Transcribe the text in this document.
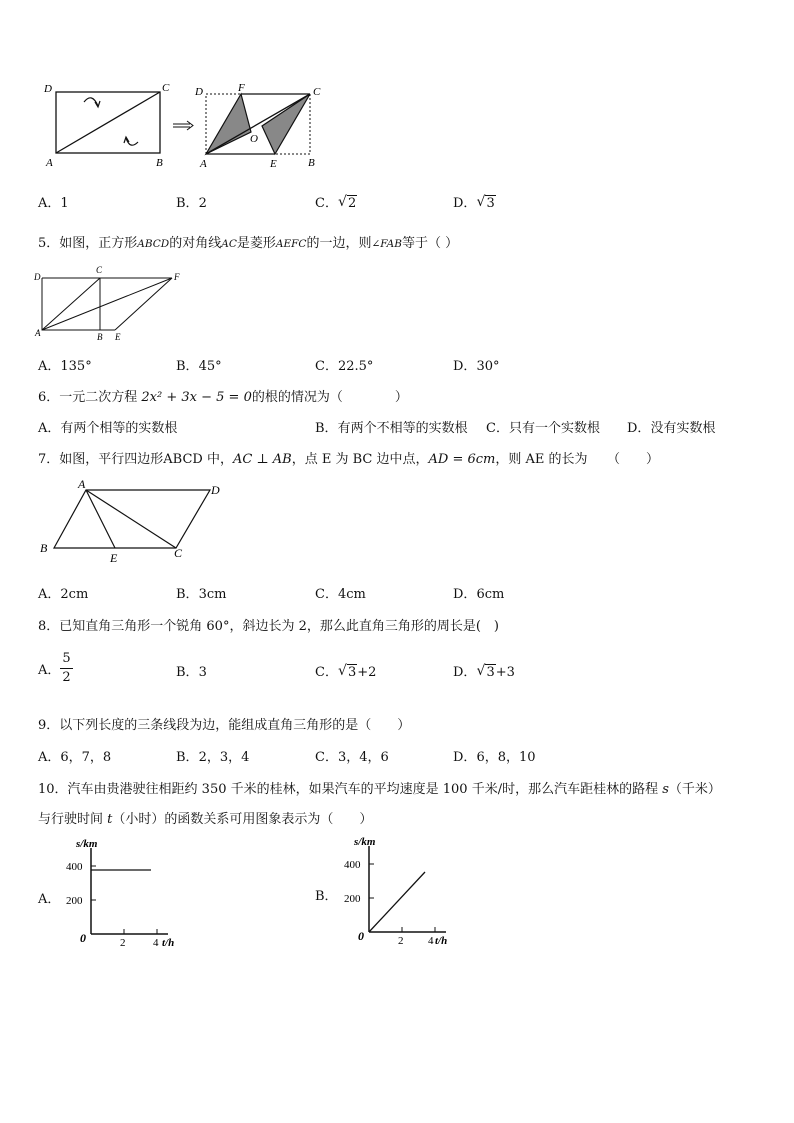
D	C
A	B
D	F	C
O
A	E	B
A．1	B．2	C． √ 2	D． √ 3
5．如图，正方形ABCD的对角线AC是菱形AEFC的一边，则∠FAB等于（ ）
D
C
F
A	B E
A．135°	B．45°	C．22.5°	D．30°
6．一元二次方程 2x² + 3x − 5 = 0的根的情况为（　　　　）
A．有两个相等的实数根	B．有两个不相等的实数根 C．只有一个实数根 D．没有实数根
7．如图，平行四边形ABCD 中，AC ⊥ AB，点 E 为 BC 边中点，AD = 6cm，则 AE 的长为　　（　　）
A	D
B
E	C
A．2cm	B．3cm	C．4cm	D．6cm
8．已知直角三角形一个锐角 60°，斜边长为 2，那么此直角三角形的周长是(　)
A． $\frac{5}{2}$	B．3	C． √ 3+2	D． √ 3+3
9．以下列长度的三条线段为边，能组成直角三角形的是（　　）
A．6，7，8	B．2，3，4	C．3，4，6	D．6，8，10
10．汽车由贵港驶往相距约 350 千米的桂林，如果汽车的平均速度是 100 千米/时，那么汽车距桂林的路程 s（千米）
与行驶时间 t（小时）的函数关系可用图象表示为（　　）
A．
s/km
400
200
0	2	4 t/h
B．
s/km
400
200
0	2 4 t/h
